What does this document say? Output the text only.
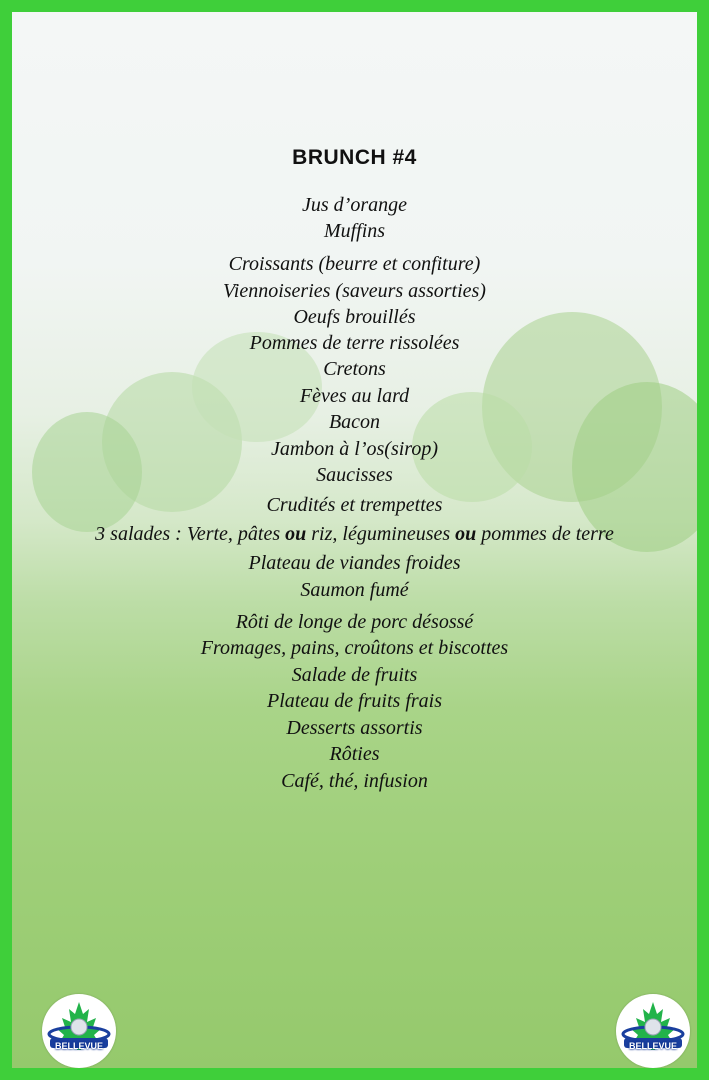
BRUNCH #4
Jus d’orange
Muffins
Croissants (beurre et confiture)
Viennoiseries (saveurs assorties)
Oeufs brouillés
Pommes de terre rissolées
Cretons
Fèves au lard
Bacon
Jambon à l’os(sirop)
Saucisses
Crudités et trempettes
3 salades : Verte, pâtes ou riz, légumineuses ou pommes de terre
Plateau de viandes froides
Saumon fumé
Rôti de longe de porc désossé
Fromages, pains, croûtons et biscottes
Salade de fruits
Plateau de fruits frais
Desserts assortis
Rôties
Café, thé, infusion
BELLEVUE	BELLEVUE
